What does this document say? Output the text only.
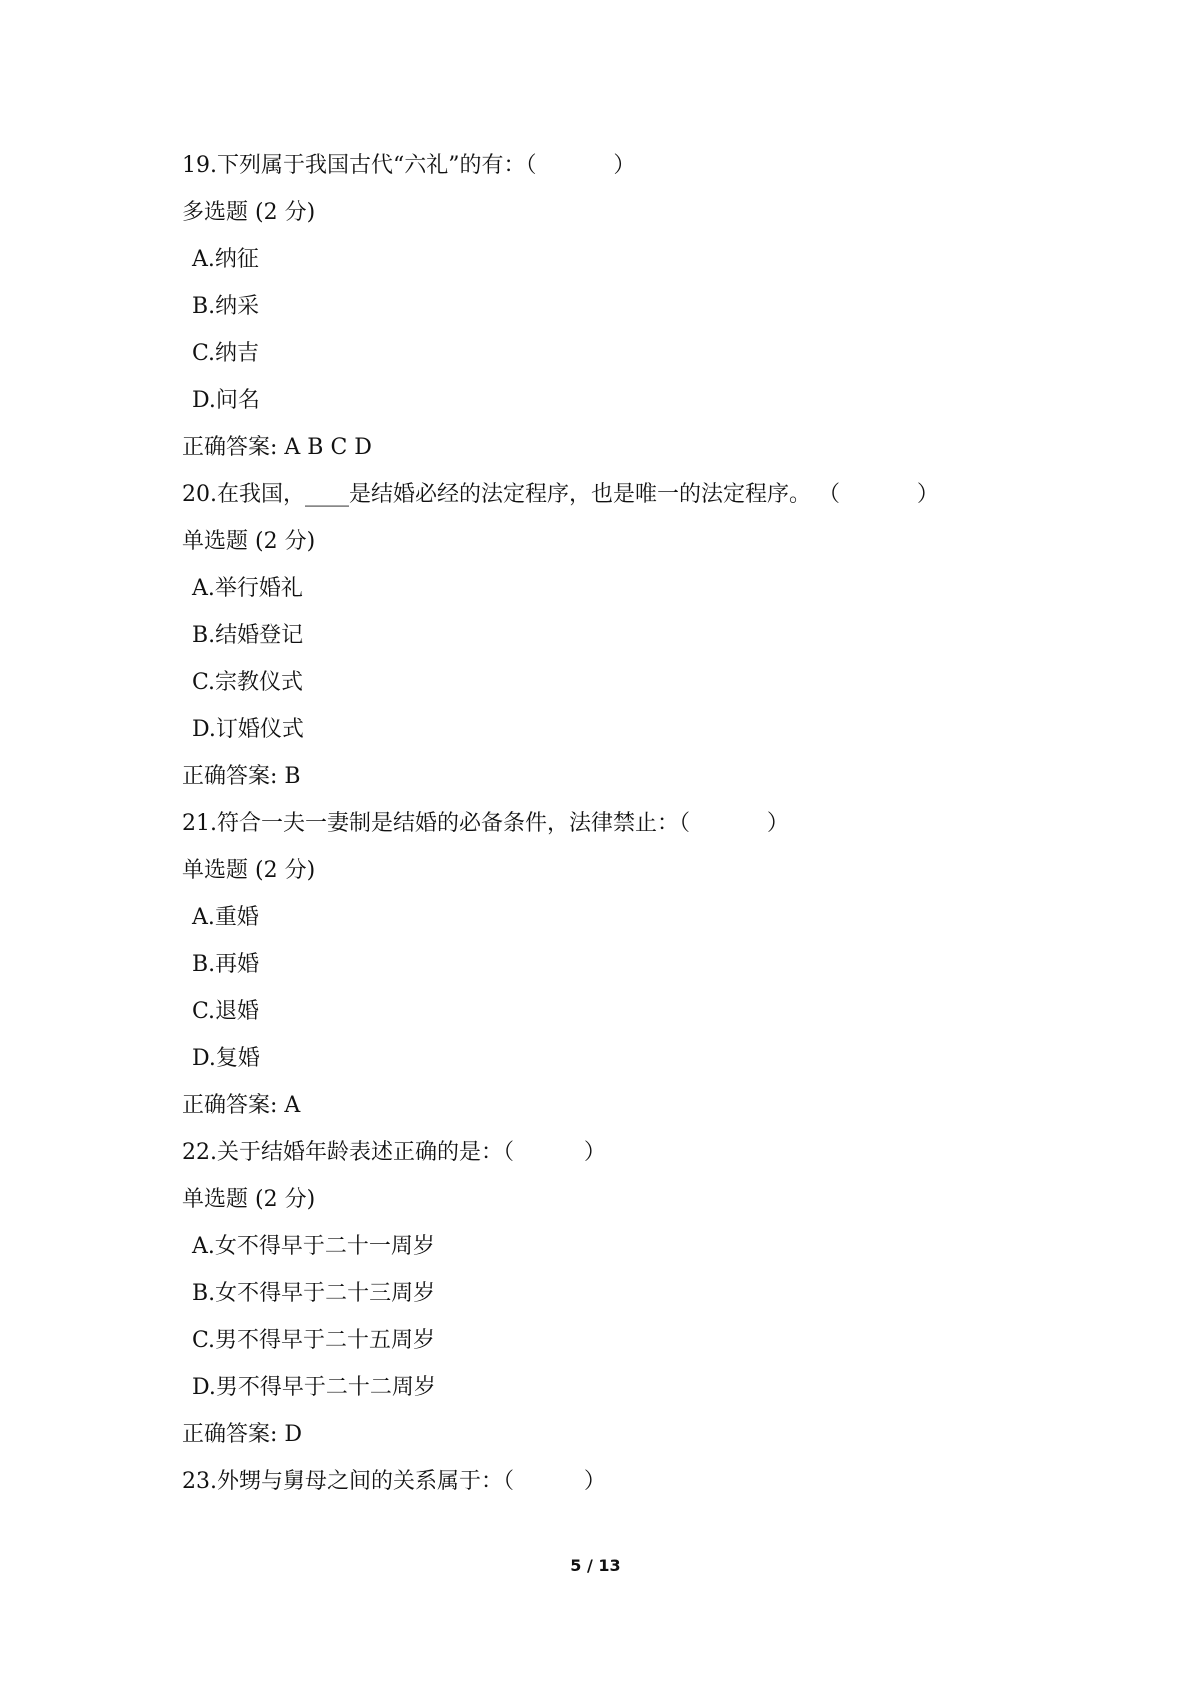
19.下列属于我国古代“六礼”的有：（           ）
多选题 (2 分)
A.纳征
B.纳采
C.纳吉
D.问名
正确答案: A B C D
20.在我国，____是结婚必经的法定程序，也是唯一的法定程序。 （           ）
单选题 (2 分)
A.举行婚礼
B.结婚登记
C.宗教仪式
D.订婚仪式
正确答案: B
21.符合一夫一妻制是结婚的必备条件，法律禁止：（           ）
单选题 (2 分)
A.重婚
B.再婚
C.退婚
D.复婚
正确答案: A
22.关于结婚年龄表述正确的是：（          ）
单选题 (2 分)
A.女不得早于二十一周岁
B.女不得早于二十三周岁
C.男不得早于二十五周岁
D.男不得早于二十二周岁
正确答案: D
23.外甥与舅母之间的关系属于：（          ）
5 / 13
